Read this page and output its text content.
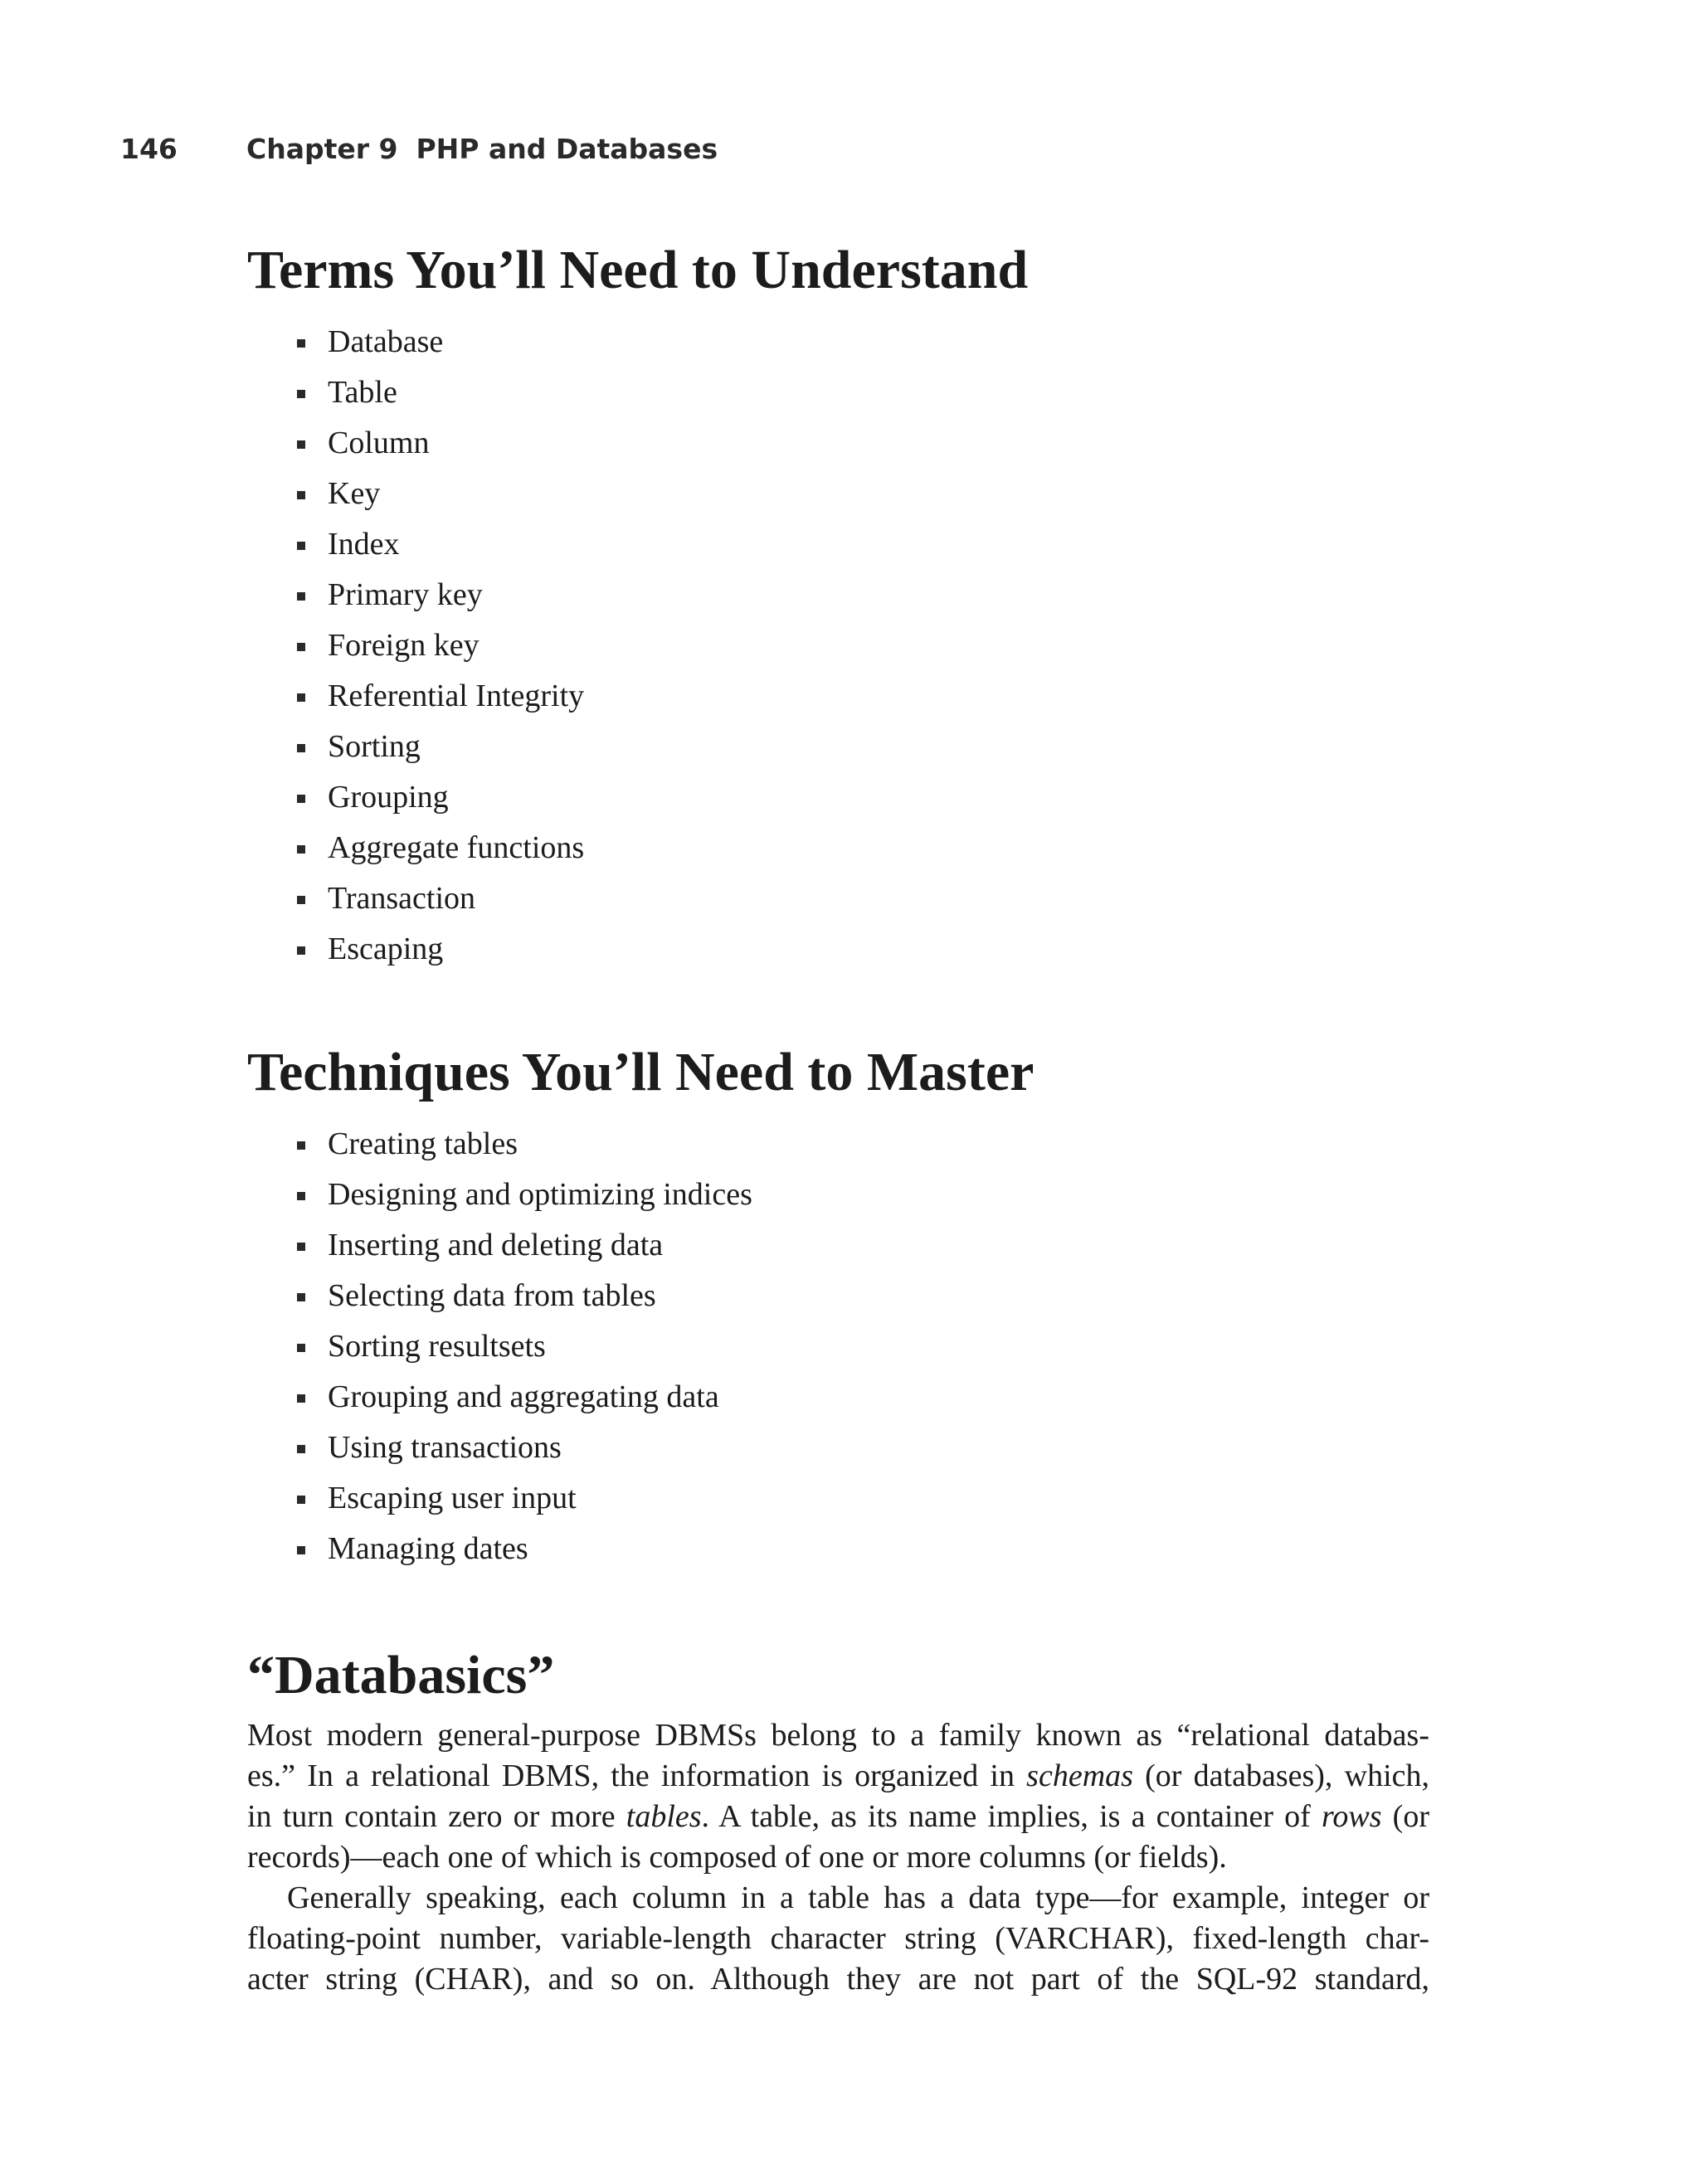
146	Chapter 9 PHP and Databases
Terms You’ll Need to Understand
Database
Table
Column
Key
Index
Primary key
Foreign key
Referential Integrity
Sorting
Grouping
Aggregate functions
Transaction
Escaping
Techniques You’ll Need to Master
Creating tables
Designing and optimizing indices
Inserting and deleting data
Selecting data from tables
Sorting resultsets
Grouping and aggregating data
Using transactions
Escaping user input
Managing dates
“Databasics”
Most modern general-purpose DBMSs belong to a family known as “relational databas-
es.” In a relational DBMS, the information is organized in schemas (or databases), which,
in turn contain zero or more tables. A table, as its name implies, is a container of rows (or
records)—each one of which is composed of one or more columns (or fields).
Generally speaking, each column in a table has a data type—for example, integer or
floating-point number, variable-length character string (VARCHAR), fixed-length char-
acter string (CHAR), and so on. Although they are not part of the SQL-92 standard,
